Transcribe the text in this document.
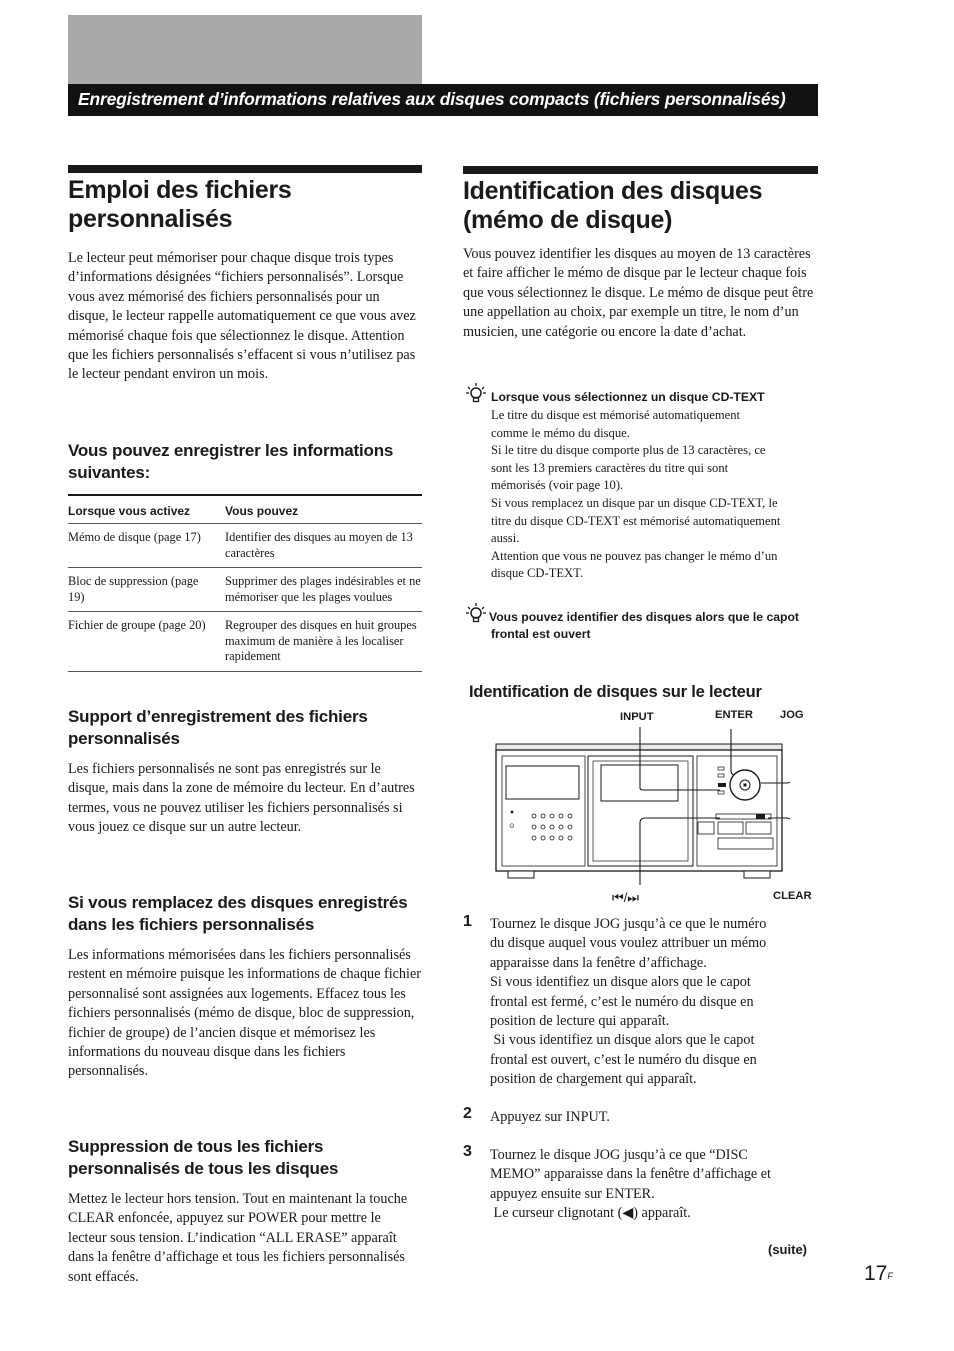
Enregistrement d’informations relatives aux disques compacts (fichiers personnalisés)
Emploi des fichiers
personnalisés

Le lecteur peut mémoriser pour chaque disque trois types d’informations désignées “fichiers personnalisés”. Lorsque vous avez mémorisé des fichiers personnalisés pour un disque, le lecteur rappelle automatiquement ce que vous avez mémorisé chaque fois que sélectionnez le disque. Attention que les fichiers personnalisés s’effacent si vous n’utilisez pas le lecteur pendant environ un mois.

Vous pouvez enregistrer les informations
suivantes:
Lorsque vous activez	Vous pouvez
Mémo de disque (page 17)	Identifier des disques au moyen de 13 caractères
Bloc de suppression (page 19)	Supprimer des plages indésirables et ne mémoriser que les plages voulues
Fichier de groupe (page 20)	Regrouper des disques en huit groupes maximum de manière à les localiser rapidement
Support d’enregistrement des fichiers
personnalisés

Les fichiers personnalisés ne sont pas enregistrés sur le disque, mais dans la zone de mémoire du lecteur. En d’autres termes, vous ne pouvez utiliser les fichiers personnalisés si vous jouez ce disque sur un autre lecteur.

Si vous remplacez des disques enregistrés
dans les fichiers personnalisés

Les informations mémorisées dans les fichiers personnalisés restent en mémoire puisque les informations de chaque fichier personnalisé sont assignées aux logements. Effacez tous les fichiers personnalisés (mémo de disque, bloc de suppression, fichier de groupe) de l’ancien disque et mémorisez les informations du nouveau disque dans les fichiers personnalisés.

Suppression de tous les fichiers
personnalisés de tous les disques

Mettez le lecteur hors tension. Tout en maintenant la touche CLEAR enfoncée, appuyez sur POWER pour mettre le lecteur sous tension. L’indication “ALL ERASE” apparaît dans la fenêtre d’affichage et tous les fichiers personnalisés sont effacés.

Identification des disques
(mémo de disque)

Vous pouvez identifier les disques au moyen de 13 caractères et faire afficher le mémo de disque par le lecteur chaque fois que vous sélectionnez le disque. Le mémo de disque peut être une appellation au choix, par exemple un titre, le nom d’un musicien, une catégorie ou encore la date d’achat.

Lorsque vous sélectionnez un disque CD-TEXT
Le titre du disque est mémorisé automatiquement
comme le mémo du disque.
Si le titre du disque comporte plus de 13 caractères, ce
sont les 13 premiers caractères du titre qui sont
mémorisés (voir page 10).
Si vous remplacez un disque par un disque CD-TEXT, le
titre du disque CD-TEXT est mémorisé automatiquement
aussi.
Attention que vous ne pouvez pas changer le mémo d’un
disque CD-TEXT.
Vous pouvez identifier des disques alors que le capot
frontal est ouvert
Identification de disques sur le lecteur
INPUT	ENTER JOG
⏮/⏭	CLEAR
⊙
1 Tournez le disque JOG jusqu’à ce que le numéro
du disque auquel vous voulez attribuer un mémo
apparaisse dans la fenêtre d’affichage.
Si vous identifiez un disque alors que le capot
frontal est fermé, c’est le numéro du disque en
position de lecture qui apparaît.
Si vous identifiez un disque alors que le capot
frontal est ouvert, c’est le numéro du disque en
position de chargement qui apparaît.
2 Appuyez sur INPUT.
3 Tournez le disque JOG jusqu’à ce que “DISC
MEMO” apparaisse dans la fenêtre d’affichage et
appuyez ensuite sur ENTER.
Le curseur clignotant (◀) apparaît.
(suite)
$17^F$
